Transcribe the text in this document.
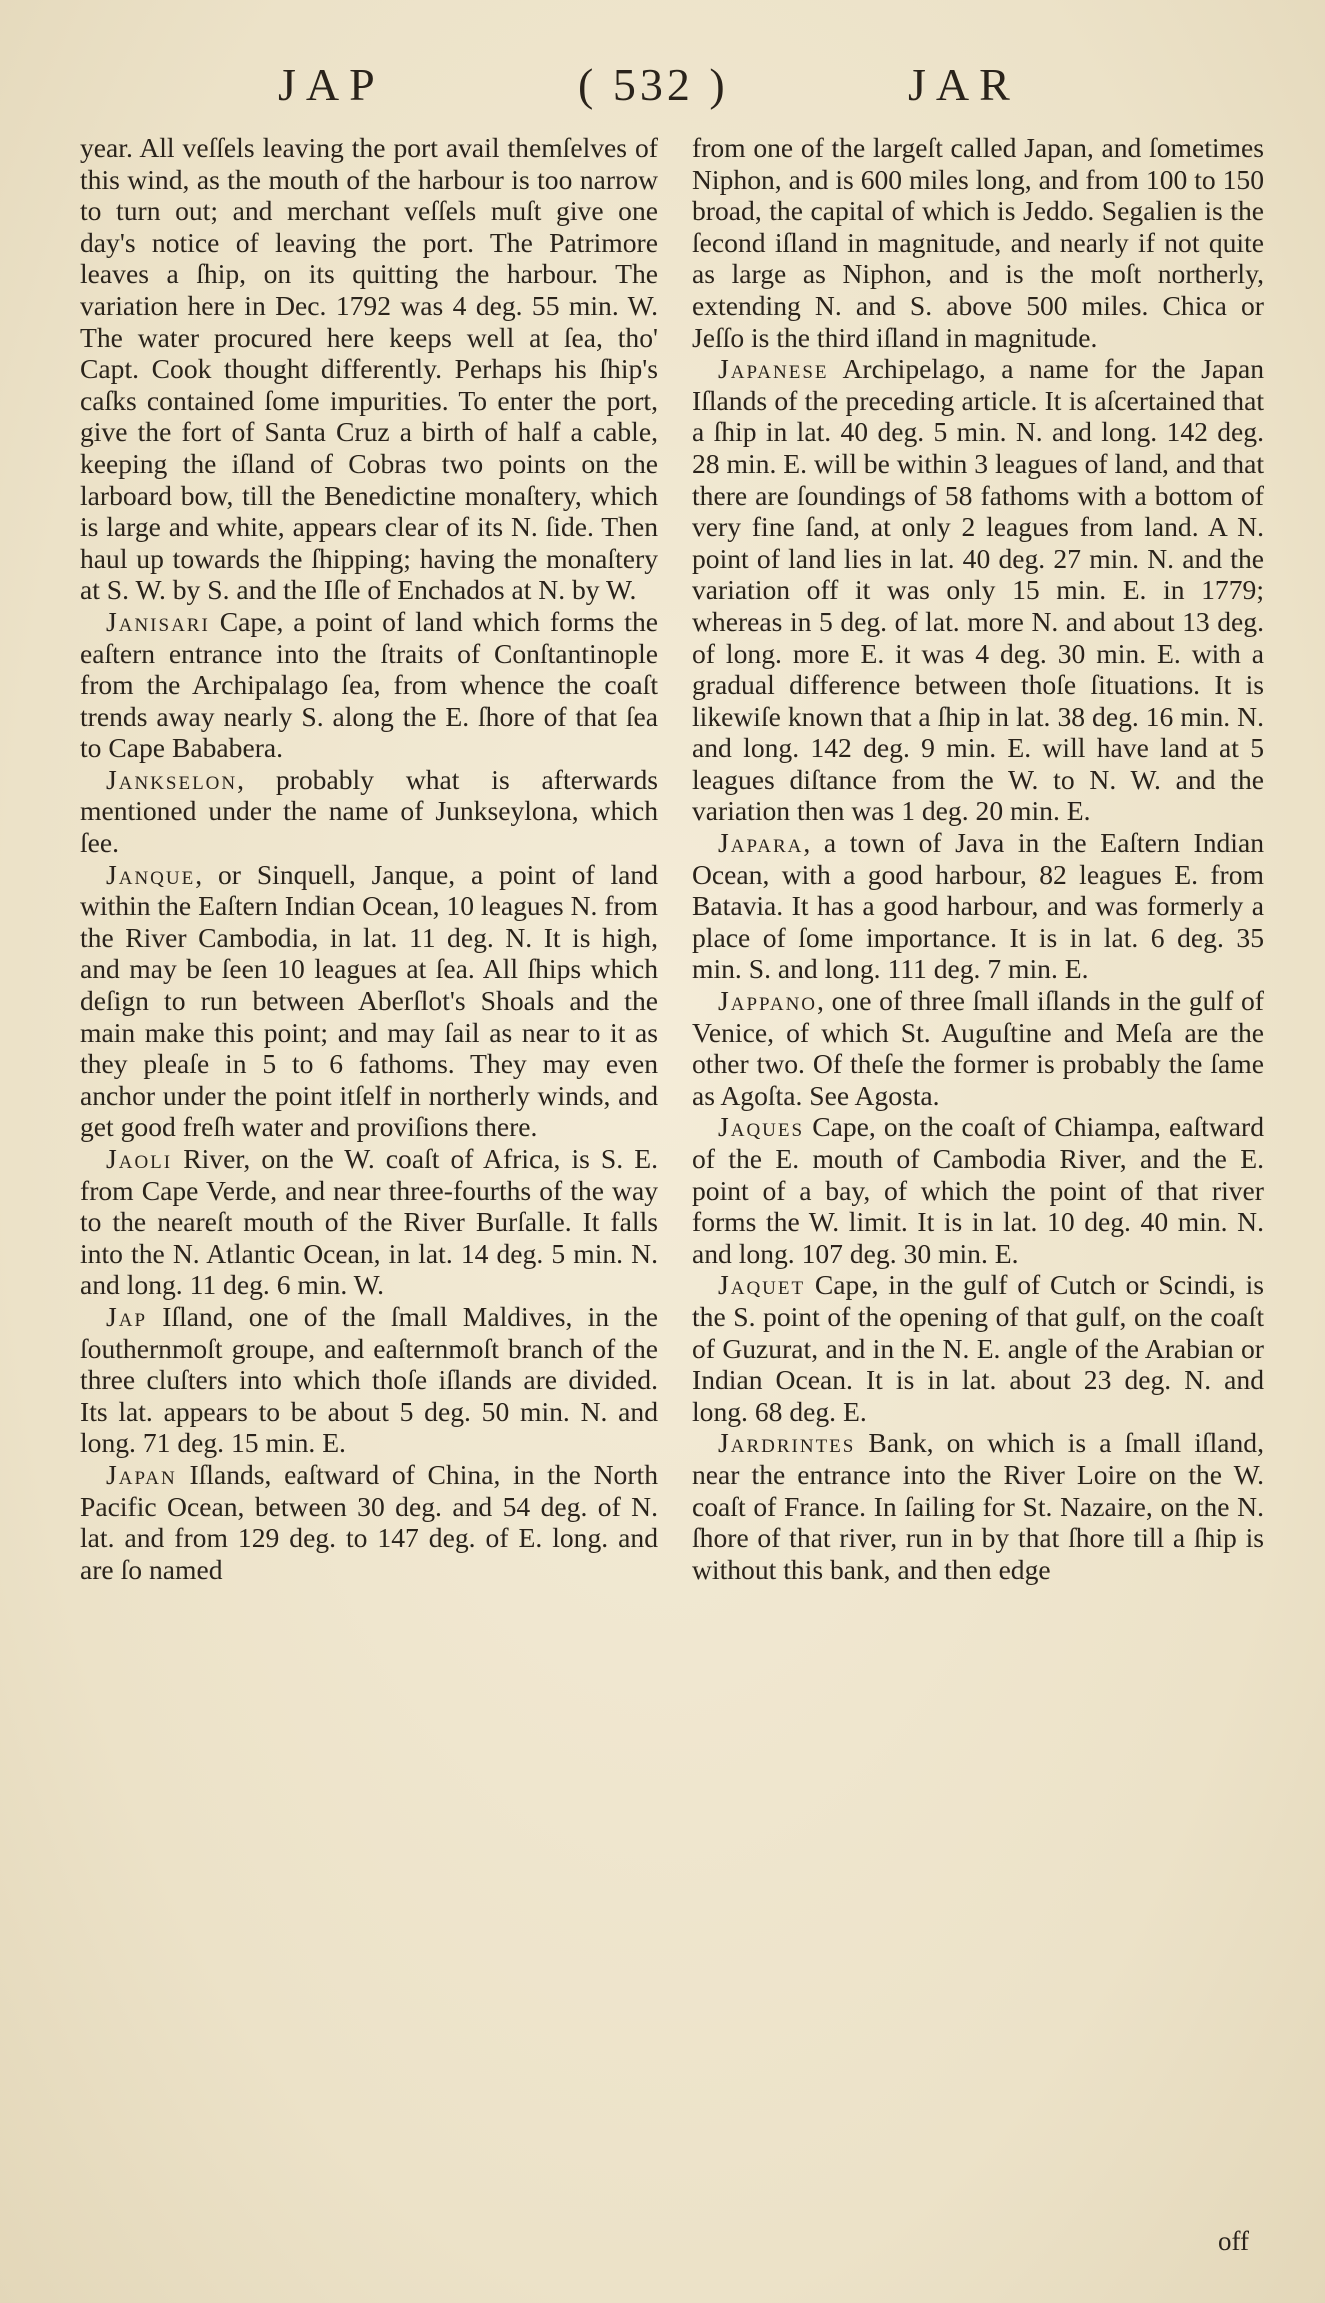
JAP	( 532 )	JAR

year. All veſſels leaving the port avail themſelves of this wind, as the mouth of the harbour is too narrow to turn out; and merchant veſſels muſt give one day's notice of leaving the port. The Patrimore leaves a ſhip, on its quitting the harbour. The variation here in Dec. 1792 was 4 deg. 55 min. W. The water procured here keeps well at ſea, tho' Capt. Cook thought differently. Perhaps his ſhip's caſks contained ſome impurities. To enter the port, give the fort of Santa Cruz a birth of half a cable, keeping the iſland of Cobras two points on the larboard bow, till the Benedictine monaſtery, which is large and white, appears clear of its N. ſide. Then haul up towards the ſhipping; having the monaſtery at S. W. by S. and the Iſle of Enchados at N. by W.

Janisari Cape, a point of land which forms the eaſtern entrance into the ſtraits of Conſtantinople from the Archipalago ſea, from whence the coaſt trends away nearly S. along the E. ſhore of that ſea to Cape Bababera.

Jankselon, probably what is afterwards mentioned under the name of Junkseylona, which ſee.

Janque, or Sinquell, Janque, a point of land within the Eaſtern Indian Ocean, 10 leagues N. from the River Cambodia, in lat. 11 deg. N. It is high, and may be ſeen 10 leagues at ſea. All ſhips which deſign to run between Aberſlot's Shoals and the main make this point; and may ſail as near to it as they pleaſe in 5 to 6 fathoms. They may even anchor under the point itſelf in northerly winds, and get good freſh water and proviſions there.

Jaoli River, on the W. coaſt of Africa, is S. E. from Cape Verde, and near three-fourths of the way to the neareſt mouth of the River Burſalle. It falls into the N. Atlantic Ocean, in lat. 14 deg. 5 min. N. and long. 11 deg. 6 min. W.

Jap Iſland, one of the ſmall Maldives, in the ſouthernmoſt groupe, and eaſternmoſt branch of the three cluſters into which thoſe iſlands are divided. Its lat. appears to be about 5 deg. 50 min. N. and long. 71 deg. 15 min. E.

Japan Iſlands, eaſtward of China, in the North Pacific Ocean, between 30 deg. and 54 deg. of N. lat. and from 129 deg. to 147 deg. of E. long. and are ſo named

from one of the largeſt called Japan, and ſometimes Niphon, and is 600 miles long, and from 100 to 150 broad, the capital of which is Jeddo. Segalien is the ſecond iſland in magnitude, and nearly if not quite as large as Niphon, and is the moſt northerly, extending N. and S. above 500 miles. Chica or Jeſſo is the third iſland in magnitude.

Japanese Archipelago, a name for the Japan Iſlands of the preceding article. It is aſcertained that a ſhip in lat. 40 deg. 5 min. N. and long. 142 deg. 28 min. E. will be within 3 leagues of land, and that there are ſoundings of 58 fathoms with a bottom of very fine ſand, at only 2 leagues from land. A N. point of land lies in lat. 40 deg. 27 min. N. and the variation off it was only 15 min. E. in 1779; whereas in 5 deg. of lat. more N. and about 13 deg. of long. more E. it was 4 deg. 30 min. E. with a gradual difference between thoſe ſituations. It is likewiſe known that a ſhip in lat. 38 deg. 16 min. N. and long. 142 deg. 9 min. E. will have land at 5 leagues diſtance from the W. to N. W. and the variation then was 1 deg. 20 min. E.

Japara, a town of Java in the Eaſtern Indian Ocean, with a good harbour, 82 leagues E. from Batavia. It has a good harbour, and was formerly a place of ſome importance. It is in lat. 6 deg. 35 min. S. and long. 111 deg. 7 min. E.

Jappano, one of three ſmall iſlands in the gulf of Venice, of which St. Auguſtine and Meſa are the other two. Of theſe the former is probably the ſame as Agoſta. See Agosta.

Jaques Cape, on the coaſt of Chiampa, eaſtward of the E. mouth of Cambodia River, and the E. point of a bay, of which the point of that river forms the W. limit. It is in lat. 10 deg. 40 min. N. and long. 107 deg. 30 min. E.

Jaquet Cape, in the gulf of Cutch or Scindi, is the S. point of the opening of that gulf, on the coaſt of Guzurat, and in the N. E. angle of the Arabian or Indian Ocean. It is in lat. about 23 deg. N. and long. 68 deg. E.

Jardrintes Bank, on which is a ſmall iſland, near the entrance into the River Loire on the W. coaſt of France. In ſailing for St. Nazaire, on the N. ſhore of that river, run in by that ſhore till a ſhip is without this bank, and then edge

off
